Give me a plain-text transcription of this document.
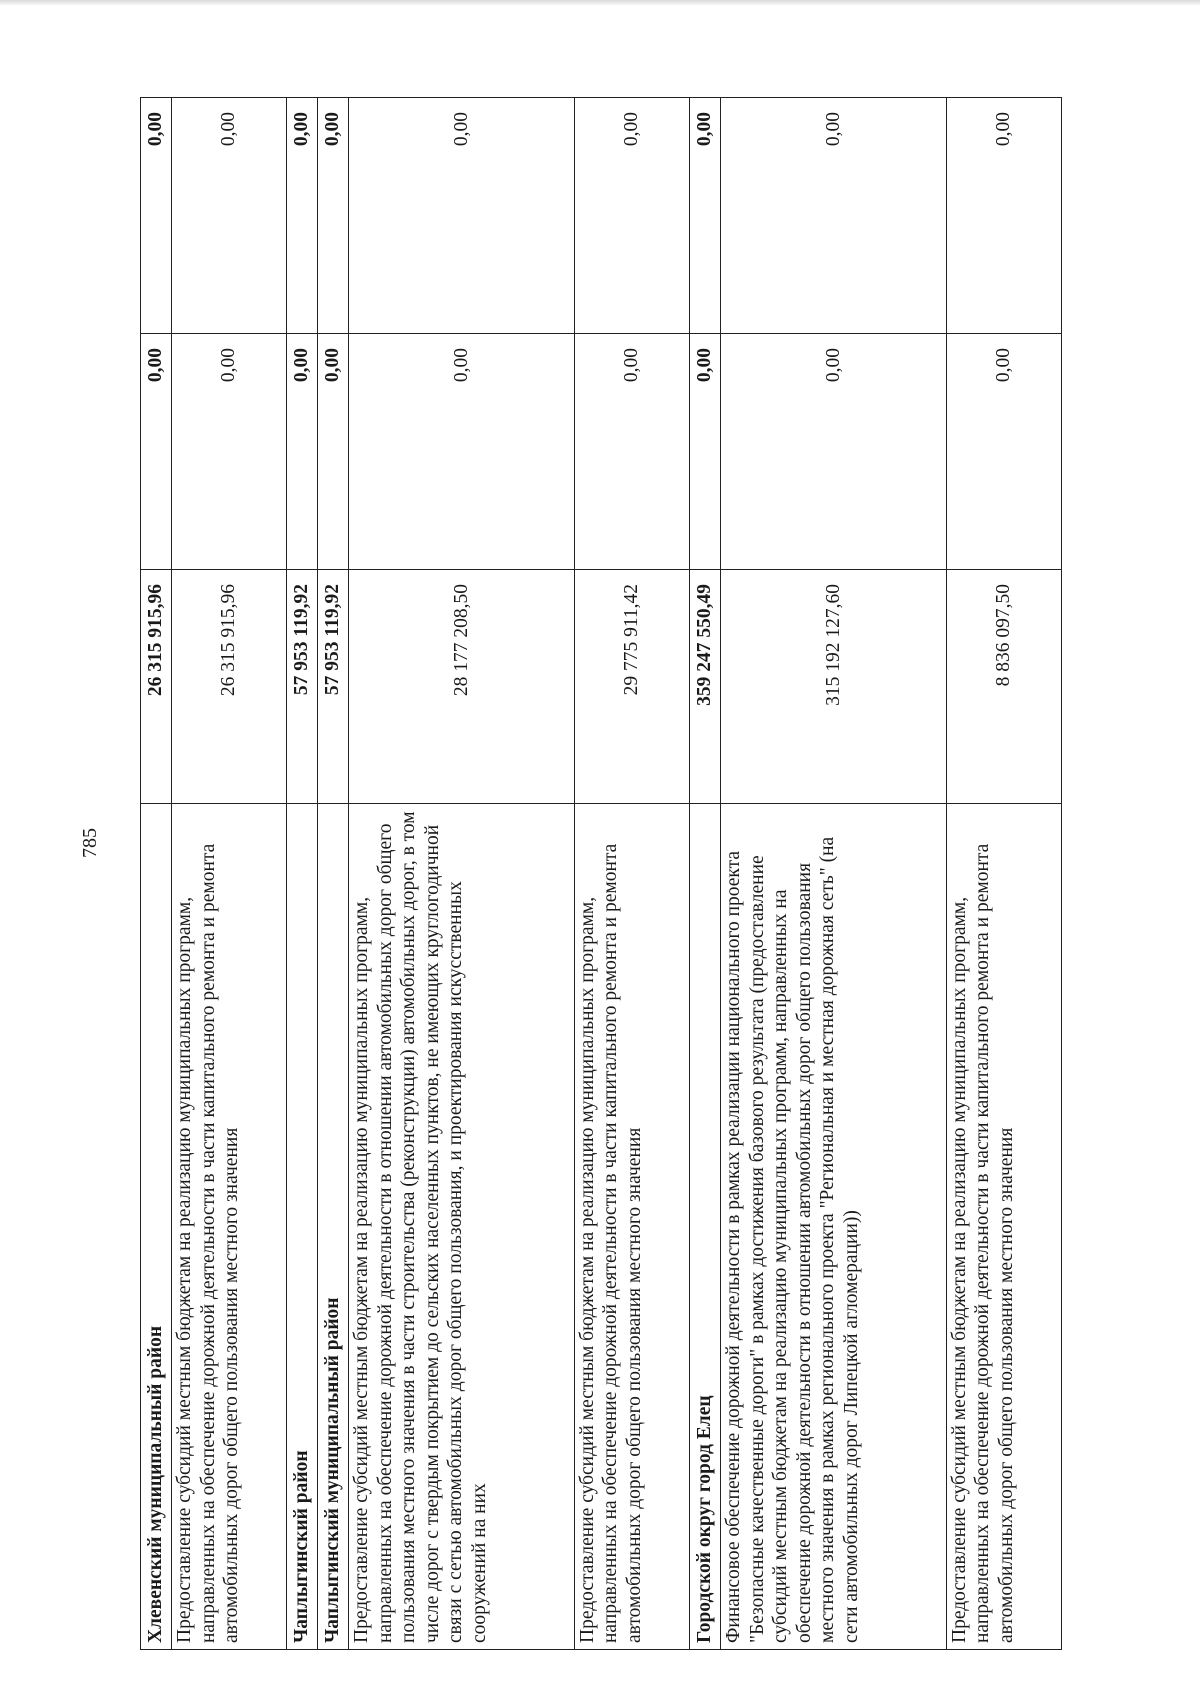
785
Хлевенский муниципальный район	26 315 915,96	0,00	0,00
Предоставление субсидий местным бюджетам на реализацию муниципальных программ, направленных на обеспечение дорожной деятельности в части капитального ремонта и ремонта автомобильных дорог общего пользования местного значения	26 315 915,96	0,00	0,00
Чаплыгинский район	57 953 119,92	0,00	0,00
Чаплыгинский муниципальный район	57 953 119,92	0,00	0,00
Предоставление субсидий местным бюджетам на реализацию муниципальных программ, направленных на обеспечение дорожной деятельности в отношении автомобильных дорог общего пользования местного значения в части строительства (реконструкции) автомобильных дорог, в том числе дорог с твердым покрытием до сельских населенных пунктов, не имеющих круглогодичной связи с сетью автомобильных дорог общего пользования, и проектирования искусственных сооружений на них	28 177 208,50	0,00	0,00
Предоставление субсидий местным бюджетам на реализацию муниципальных программ, направленных на обеспечение дорожной деятельности в части капитального ремонта и ремонта автомобильных дорог общего пользования местного значения	29 775 911,42	0,00	0,00
Городской округ город Елец	359 247 550,49	0,00	0,00
Финансовое обеспечение дорожной деятельности в рамках реализации национального проекта "Безопасные качественные дороги" в рамках достижения базового результата (предоставление субсидий местным бюджетам на реализацию муниципальных программ, направленных на обеспечение дорожной деятельности в отношении автомобильных дорог общего пользования местного значения в рамках регионального проекта "Региональная и местная дорожная сеть" (на сети автомобильных дорог Липецкой агломерации))	315 192 127,60	0,00	0,00
Предоставление субсидий местным бюджетам на реализацию муниципальных программ, направленных на обеспечение дорожной деятельности в части капитального ремонта и ремонта автомобильных дорог общего пользования местного значения	8 836 097,50	0,00	0,00
